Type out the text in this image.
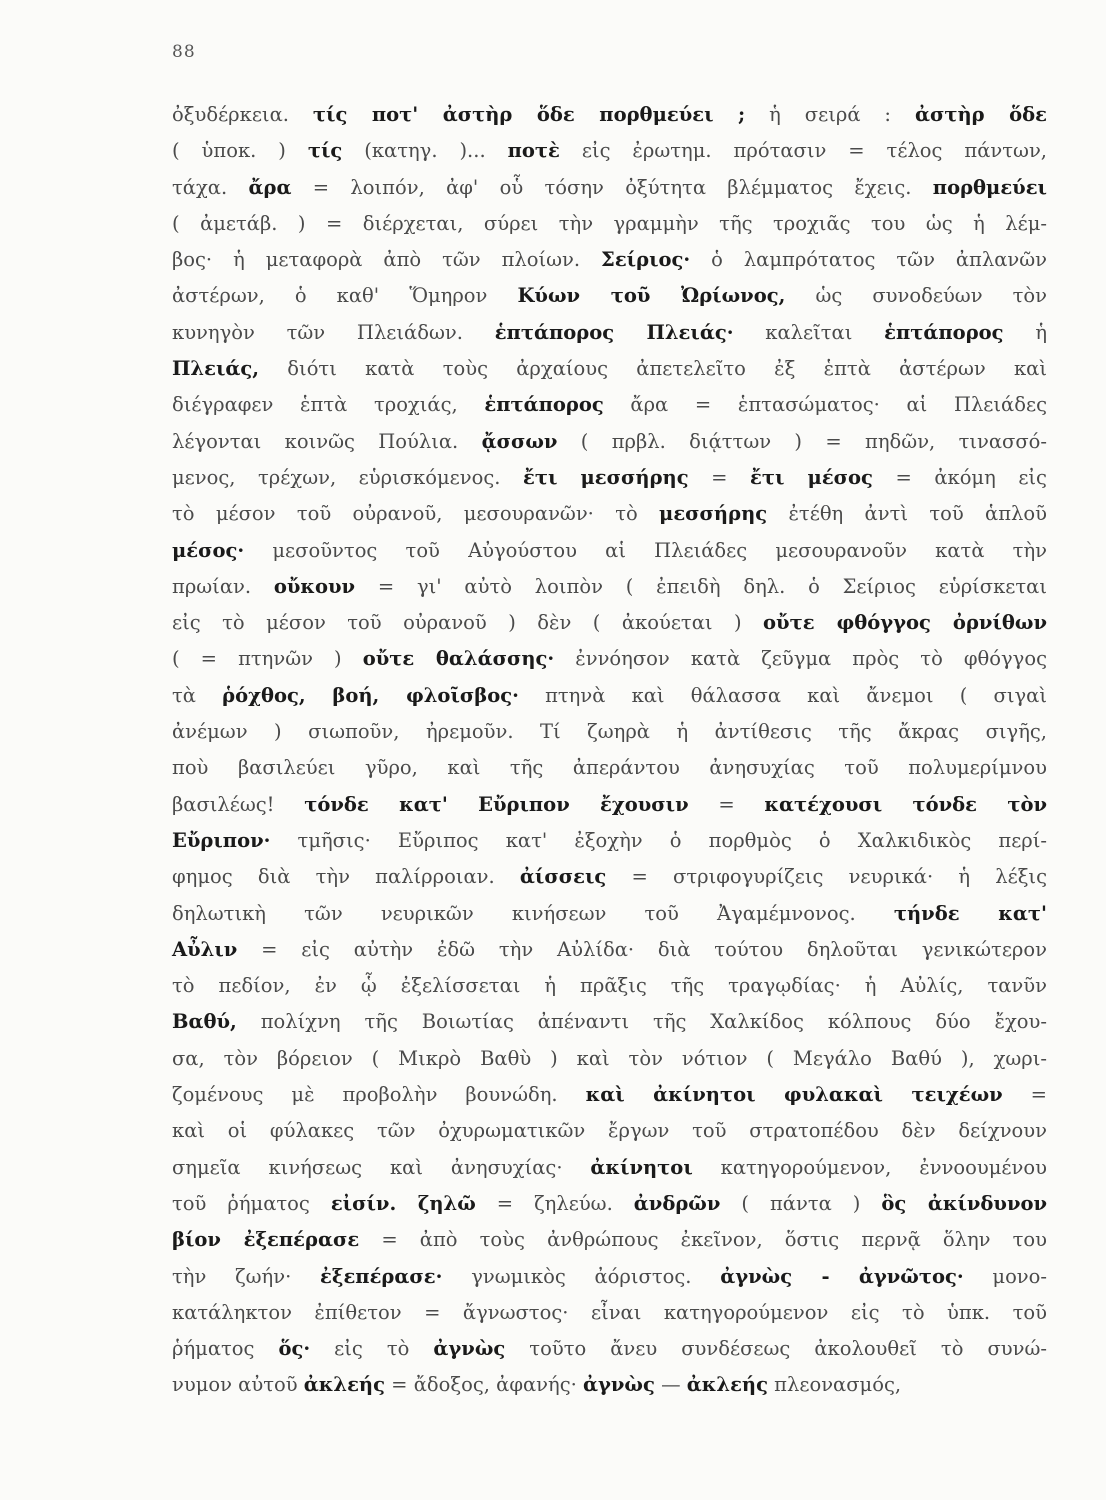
88
ὀξυδέρκεια. τίς ποτ' ἀστὴρ ὅδε πορθμεύει ; ἡ σειρά : ἀστὴρ ὅδε
( ὑποκ. ) τίς (κατηγ. )... ποτὲ εἰς ἐρωτημ. πρότασιν = τέλος πάντων,
τάχα. ἄρα = λοιπόν, ἀφ' οὗ τόσην ὀξύτητα βλέμματος ἔχεις. πορθμεύει
( ἀμετάβ. ) = διέρχεται, σύρει τὴν γραμμὴν τῆς τροχιᾶς του ὡς ἡ λέμ-
βος· ἡ μεταφορὰ ἀπὸ τῶν πλοίων. Σείριος· ὁ λαμπρότατος τῶν ἀπλανῶν
ἀστέρων, ὁ καθ' Ὅμηρον Κύων τοῦ Ὠρίωνος, ὡς συνοδεύων τὸν
κυνηγὸν τῶν Πλειάδων. ἑπτάπορος Πλειάς· καλεῖται ἑπτάπορος ἡ
Πλειάς, διότι κατὰ τοὺς ἀρχαίους ἀπετελεῖτο ἐξ ἑπτὰ ἀστέρων καὶ
διέγραφεν ἑπτὰ τροχιάς, ἑπτάπορος ἄρα = ἑπτασώματος· αἱ Πλειάδες
λέγονται κοινῶς Πούλια. ᾄσσων ( πρβλ. διᾴττων ) = πηδῶν, τινασσό-
μενος, τρέχων, εὑρισκόμενος. ἔτι μεσσήρης = ἔτι μέσος = ἀκόμη εἰς
τὸ μέσον τοῦ οὐρανοῦ, μεσουρανῶν· τὸ μεσσήρης ἐτέθη ἀντὶ τοῦ ἁπλοῦ
μέσος· μεσοῦντος τοῦ Αὐγούστου αἱ Πλειάδες μεσουρανοῦν κατὰ τὴν
πρωίαν. οὔκουν = γι' αὐτὸ λοιπὸν ( ἐπειδὴ δηλ. ὁ Σείριος εὑρίσκεται
εἰς τὸ μέσον τοῦ οὐρανοῦ ) δὲν ( ἀκούεται ) οὔτε φθόγγος ὀρνίθων
( = πτηνῶν ) οὔτε θαλάσσης· ἐννόησον κατὰ ζεῦγμα πρὸς τὸ φθόγγος
τὰ ῥόχθος, βοή, φλοῖσβος· πτηνὰ καὶ θάλασσα καὶ ἄνεμοι ( σιγαὶ
ἀνέμων ) σιωποῦν, ἠρεμοῦν. Τί ζωηρὰ ἡ ἀντίθεσις τῆς ἄκρας σιγῆς,
ποὺ βασιλεύει γῦρο, καὶ τῆς ἀπεράντου ἀνησυχίας τοῦ πολυμερίμνου
βασιλέως! τόνδε κατ' Εὔριπον ἔχουσιν = κατέχουσι τόνδε τὸν
Εὔριπον· τμῆσις· Εὔριπος κατ' ἐξοχὴν ὁ πορθμὸς ὁ Χαλκιδικὸς περί-
φημος διὰ τὴν παλίρροιαν. ἀίσσεις = στριφογυρίζεις νευρικά· ἡ λέξις
δηλωτικὴ τῶν νευρικῶν κινήσεων τοῦ Ἀγαμέμνονος. τήνδε κατ'
Αὖλιν = εἰς αὐτὴν ἐδῶ τὴν Αὐλίδα· διὰ τούτου δηλοῦται γενικώτερον
τὸ πεδίον, ἐν ᾧ ἐξελίσσεται ἡ πρᾶξις τῆς τραγῳδίας· ἡ Αὐλίς, τανῦν
Βαθύ, πολίχνη τῆς Βοιωτίας ἀπέναντι τῆς Χαλκίδος κόλπους δύο ἔχου-
σα, τὸν βόρειον ( Μικρὸ Βαθὺ ) καὶ τὸν νότιον ( Μεγάλο Βαθύ ), χωρι-
ζομένους μὲ προβολὴν βουνώδη. καὶ ἀκίνητοι φυλακαὶ τειχέων =
καὶ οἱ φύλακες τῶν ὀχυρωματικῶν ἔργων τοῦ στρατοπέδου δὲν δείχνουν
σημεῖα κινήσεως καὶ ἀνησυχίας· ἀκίνητοι κατηγορούμενον, ἐννοουμένου
τοῦ ῥήματος εἰσίν. ζηλῶ = ζηλεύω. ἀνδρῶν ( πάντα ) ὃς ἀκίνδυνον
βίον ἐξεπέρασε = ἀπὸ τοὺς ἀνθρώπους ἐκεῖνον, ὅστις περνᾷ ὅλην του
τὴν ζωήν· ἐξεπέρασε· γνωμικὸς ἀόριστος. ἀγνὼς - ἀγνῶτος· μονο-
κατάληκτον ἐπίθετον = ἄγνωστος· εἶναι κατηγορούμενον εἰς τὸ ὑπκ. τοῦ
ῥήματος ὅς· εἰς τὸ ἀγνὼς τοῦτο ἄνευ συνδέσεως ἀκολουθεῖ τὸ συνώ-
νυμον αὐτοῦ ἀκλεής = ἄδοξος, ἀφανής· ἀγνὼς — ἀκλεής πλεονασμός,
